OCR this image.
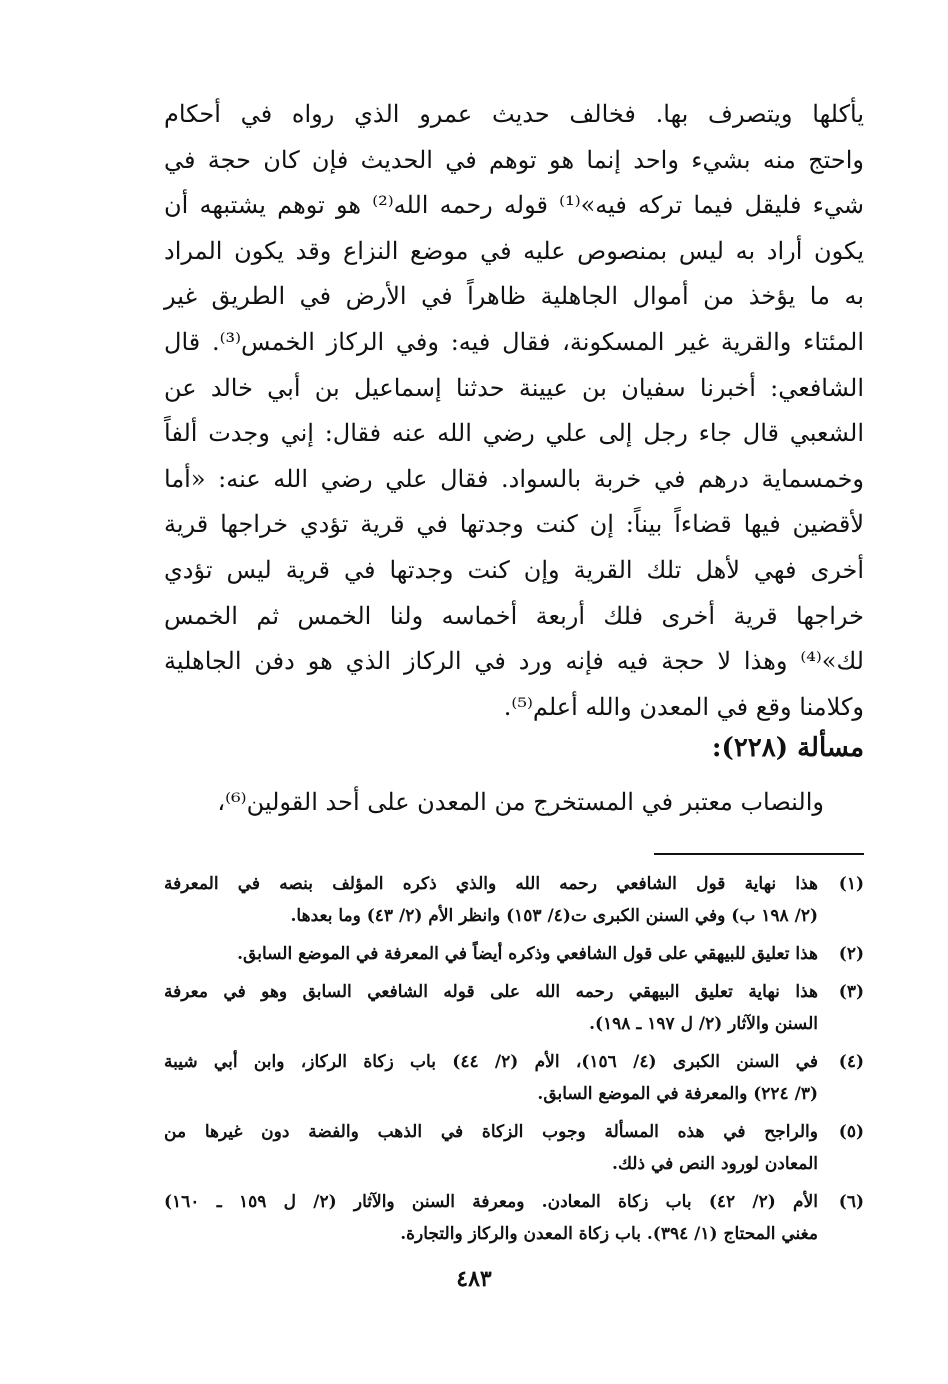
يأكلها ويتصرف بها. فخالف حديث عمرو الذي رواه في أحكام
واحتج منه بشيء واحد إنما هو توهم في الحديث فإن كان حجة في
شيء فليقل فيما تركه فيه»⁽¹⁾ قوله رحمه الله⁽²⁾ هو توهم يشتبهه أن
يكون أراد به ليس بمنصوص عليه في موضع النزاع وقد يكون المراد
به ما يؤخذ من أموال الجاهلية ظاهراً في الأرض في الطريق غير
المئتاء والقرية غير المسكونة، فقال فيه: وفي الركاز الخمس⁽³⁾. قال
الشافعي: أخبرنا سفيان بن عيينة حدثنا إسماعيل بن أبي خالد عن
الشعبي قال جاء رجل إلى علي رضي الله عنه فقال: إني وجدت ألفاً
وخمسماية درهم في خربة بالسواد. فقال علي رضي الله عنه: «أما
لأقضين فيها قضاءاً بيناً: إن كنت وجدتها في قرية تؤدي خراجها قرية
أخرى فهي لأهل تلك القرية وإن كنت وجدتها في قرية ليس تؤدي
خراجها قرية أخرى فلك أربعة أخماسه ولنا الخمس ثم الخمس
لك»⁽⁴⁾ وهذا لا حجة فيه فإنه ورد في الركاز الذي هو دفن الجاهلية
وكلامنا وقع في المعدن والله أعلم⁽⁵⁾.
مسألة (٢٢٨):
والنصاب معتبر في المستخرج من المعدن على أحد القولين⁽⁶⁾،
(١)
هذا نهاية قول الشافعي رحمه الله والذي ذكره المؤلف بنصه في المعرفة
(٢/ ١٩٨ ب) وفي السنن الكبرى ت(٤/ ١٥٣) وانظر الأم (٢/ ٤٣) وما بعدها.
(٢)
هذا تعليق للبيهقي على قول الشافعي وذكره أيضاً في المعرفة في الموضع السابق.
(٣)
هذا نهاية تعليق البيهقي رحمه الله على قوله الشافعي السابق وهو في معرفة
السنن والآثار (٢/ ل ١٩٧ ـ ١٩٨).
(٤)
في السنن الكبرى (٤/ ١٥٦)، الأم (٢/ ٤٤) باب زكاة الركاز، وابن أبي شيبة
(٣/ ٢٢٤) والمعرفة في الموضع السابق.
(٥)
والراجح في هذه المسألة وجوب الزكاة في الذهب والفضة دون غيرها من
المعادن لورود النص في ذلك.
(٦)
الأم (٢/ ٤٢) باب زكاة المعادن. ومعرفة السنن والآثار (٢/ ل ١٥٩ ـ ١٦٠)
مغني المحتاج (١/ ٣٩٤). باب زكاة المعدن والركاز والتجارة.
٤٨٣
